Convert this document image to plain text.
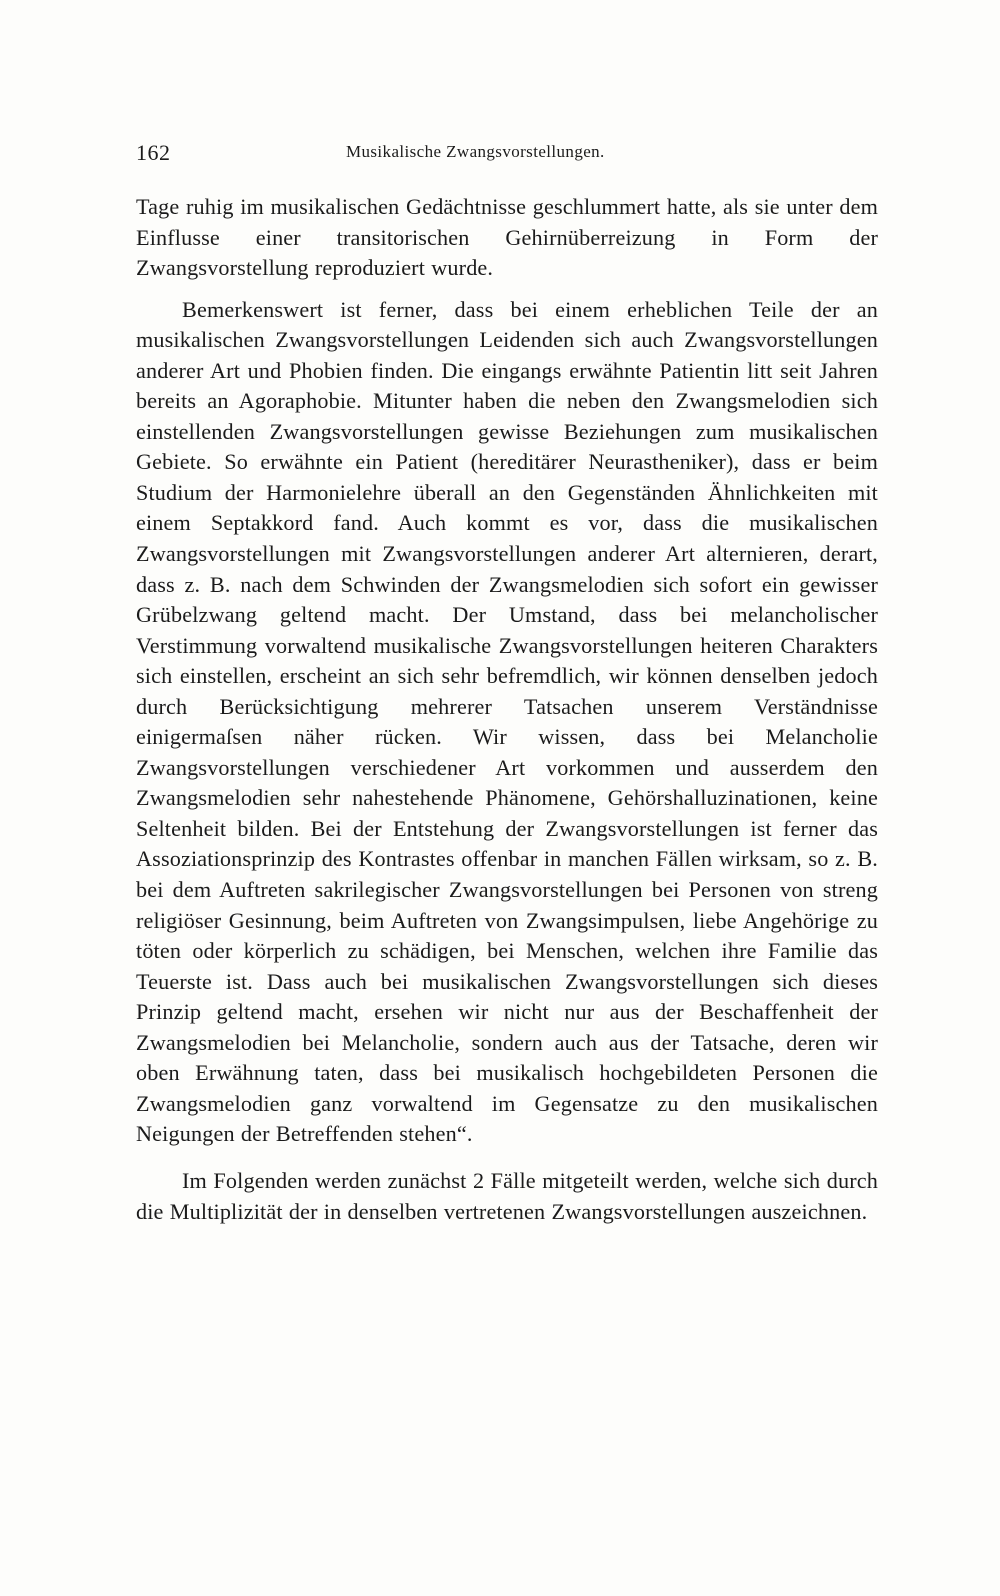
162	Musikalische Zwangsvorstellungen.

Tage ruhig im musikalischen Gedächtnisse geschlummert hatte, als sie unter dem Einflusse einer transitorischen Gehirnüberreizung in Form der Zwangsvorstellung reproduziert wurde.

Bemerkenswert ist ferner, dass bei einem erheblichen Teile der an musikalischen Zwangsvorstellungen Leidenden sich auch Zwangsvorstellungen anderer Art und Phobien finden. Die eingangs erwähnte Patientin litt seit Jahren bereits an Agoraphobie. Mitunter haben die neben den Zwangsmelodien sich einstellenden Zwangsvorstellungen gewisse Beziehungen zum musikalischen Gebiete. So erwähnte ein Patient (hereditärer Neurastheniker), dass er beim Studium der Harmonielehre überall an den Gegenständen Ähnlichkeiten mit einem Septakkord fand. Auch kommt es vor, dass die musikalischen Zwangsvorstellungen mit Zwangsvorstellungen anderer Art alternieren, derart, dass z. B. nach dem Schwinden der Zwangsmelodien sich sofort ein gewisser Grübelzwang geltend macht. Der Umstand, dass bei melancholischer Verstimmung vorwaltend musikalische Zwangsvorstellungen heiteren Charakters sich einstellen, erscheint an sich sehr befremdlich, wir können denselben jedoch durch Berücksichtigung mehrerer Tatsachen unserem Verständnisse einigermaſsen näher rücken. Wir wissen, dass bei Melancholie Zwangsvorstellungen verschiedener Art vorkommen und ausserdem den Zwangsmelodien sehr nahestehende Phänomene, Gehörshalluzinationen, keine Seltenheit bilden. Bei der Entstehung der Zwangsvorstellungen ist ferner das Assoziationsprinzip des Kontrastes offenbar in manchen Fällen wirksam, so z. B. bei dem Auftreten sakrilegischer Zwangsvorstellungen bei Personen von streng religiöser Gesinnung, beim Auftreten von Zwangsimpulsen, liebe Angehörige zu töten oder körperlich zu schädigen, bei Menschen, welchen ihre Familie das Teuerste ist. Dass auch bei musikalischen Zwangsvorstellungen sich dieses Prinzip geltend macht, ersehen wir nicht nur aus der Beschaffenheit der Zwangsmelodien bei Melancholie, sondern auch aus der Tatsache, deren wir oben Erwähnung taten, dass bei musikalisch hochgebildeten Personen die Zwangsmelodien ganz vorwaltend im Gegensatze zu den musikalischen Neigungen der Betreffenden stehen“.

Im Folgenden werden zunächst 2 Fälle mitgeteilt werden, welche sich durch die Multiplizität der in denselben vertretenen Zwangsvorstellungen auszeichnen.
